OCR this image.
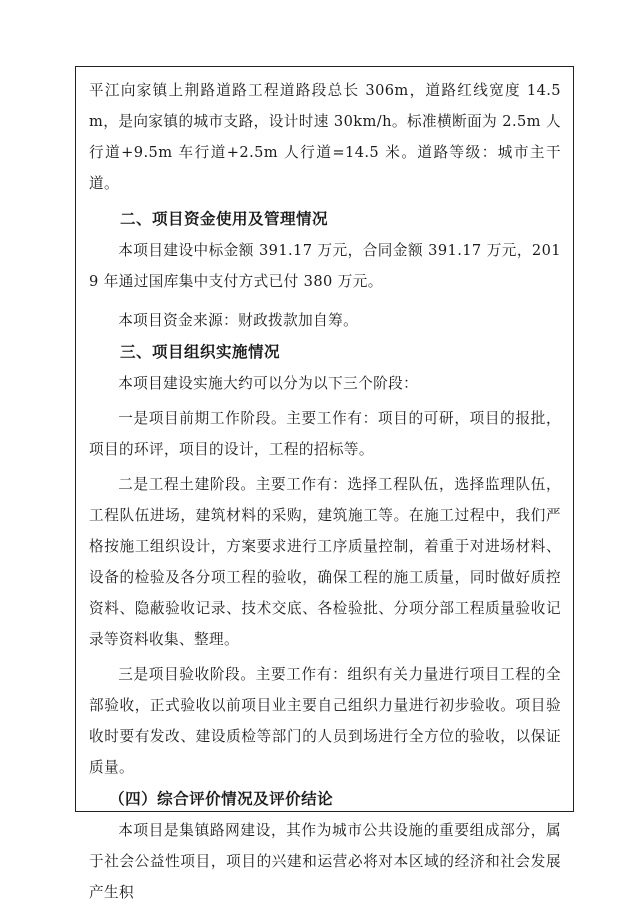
平江向家镇上荆路道路工程道路段总长 306m，道路红线宽度 14.5m，是向家镇的城市支路，设计时速 30km/h。标准横断面为 2.5m 人行道+9.5m 车行道+2.5m 人行道=14.5 米。道路等级：城市主干道。

二、项目资金使用及管理情况

本项目建设中标金额 391.17 万元，合同金额 391.17 万元，2019 年通过国库集中支付方式已付 380 万元。

本项目资金来源：财政拨款加自筹。

三、项目组织实施情况

本项目建设实施大约可以分为以下三个阶段：

一是项目前期工作阶段。主要工作有：项目的可研，项目的报批，项目的环评，项目的设计，工程的招标等。

二是工程土建阶段。主要工作有：选择工程队伍，选择监理队伍，工程队伍进场，建筑材料的采购，建筑施工等。在施工过程中，我们严格按施工组织设计，方案要求进行工序质量控制，着重于对进场材料、设备的检验及各分项工程的验收，确保工程的施工质量，同时做好质控资料、隐蔽验收记录、技术交底、各检验批、分项分部工程质量验收记录等资料收集、整理。

三是项目验收阶段。主要工作有：组织有关力量进行项目工程的全部验收，正式验收以前项目业主要自己组织力量进行初步验收。项目验收时要有发改、建设质检等部门的人员到场进行全方位的验收，以保证质量。

（四）综合评价情况及评价结论

本项目是集镇路网建设，其作为城市公共设施的重要组成部分，属于社会公益性项目，项目的兴建和运营必将对本区域的经济和社会发展产生积
